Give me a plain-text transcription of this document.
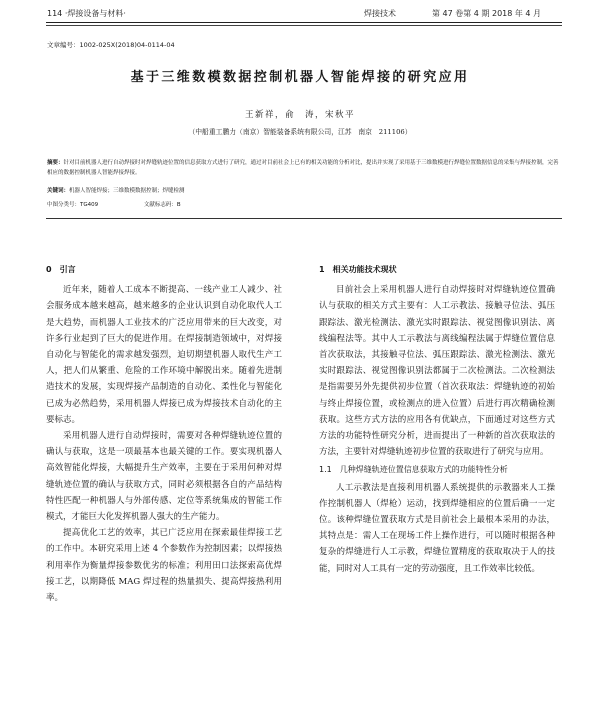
114 ·焊接设备与材料·	焊接技术	第 47 卷第 4 期 2018 年 4 月
文章编号：1002-025X(2018)04-0114-04
基于三维数模数据控制机器人智能焊接的研究应用
王新祥，俞　涛，宋秋平
（中船重工鹏力（南京）智能装备系统有限公司，江苏　南京　211106）
摘要：针对目前机器人进行自动焊接时对焊缝轨迹位置的信息获取方式进行了研究，通过对目前社会上已有的相关功能的分析对比，提出并实现了采用基于三维数模进行焊缝位置数据信息的采集与焊接控制，完善相应的数据控制机器人智能焊接焊接。
关键词：机器人智能焊接；三维数模数据控制；焊缝检测
中图分类号：TG409	文献标志码：B
0　引言

近年来，随着人工成本不断提高、一线产业工人减少、社会服务成本越来越高，越来越多的企业认识到自动化取代人工是大趋势，而机器人工业技术的广泛应用带来的巨大改变，对许多行业起到了巨大的促进作用。在焊接制造领域中，对焊接自动化与智能化的需求越发强烈，迫切期望机器人取代生产工人，把人们从繁重、危险的工作环境中解脱出来。随着先进制造技术的发展，实现焊接产品制造的自动化、柔性化与智能化已成为必然趋势，采用机器人焊接已成为焊接技术自动化的主要标志。

采用机器人进行自动焊接时，需要对各种焊缝轨迹位置的确认与获取，这是一项最基本也最关键的工作。要实现机器人高效智能化焊接，大幅提升生产效率，主要在于采用何种对焊缝轨迹位置的确认与获取方式，同时必须根据各自的产品结构特性匹配一种机器人与外部传感、定位等系统集成的智能工作模式，才能巨大化发挥机器人强大的生产能力。

提高优化工艺的效率，其已广泛应用在探索最佳焊接工艺的工作中。本研究采用上述 4 个参数作为控制因素；以焊接热利用率作为衡量焊接参数优劣的标准；利用田口法探索高优焊接工艺，以期降低 MAG 焊过程的热量损失、提高焊接热利用率。

1　相关功能技术现状

目前社会上采用机器人进行自动焊接时对焊缝轨迹位置确认与获取的相关方式主要有：人工示教法、接触寻位法、弧压跟踪法、激光检测法、激光实时跟踪法、视觉图像识别法、离线编程法等。其中人工示教法与离线编程法属于焊缝位置信息首次获取法，其接触寻位法、弧压跟踪法、激光检测法、激光实时跟踪法、视觉图像识别法都属于二次检测法。二次检测法是指需要另外先提供初步位置（首次获取法：焊缝轨迹的初始与终止焊接位置，或检测点的进入位置）后进行再次精确检测获取。这些方式方法的应用各有优缺点，下面通过对这些方式方法的功能特性研究分析，进而提出了一种新的首次获取法的方法，主要针对焊缝轨迹初步位置的获取进行了研究与应用。

1.1　几种焊缝轨迹位置信息获取方式的功能特性分析

人工示教法是直接利用机器人系统提供的示教器来人工操作控制机器人（焊枪）运动，找到焊缝相应的位置后确一一定位。该种焊缝位置获取方式是目前社会上最根本采用的办法，其特点是：需人工在现场工件上操作进行，可以随时根据各种复杂的焊缝进行人工示教，焊缝位置精度的获取取决于人的技能，同时对人工具有一定的劳动强度，且工作效率比较低。
